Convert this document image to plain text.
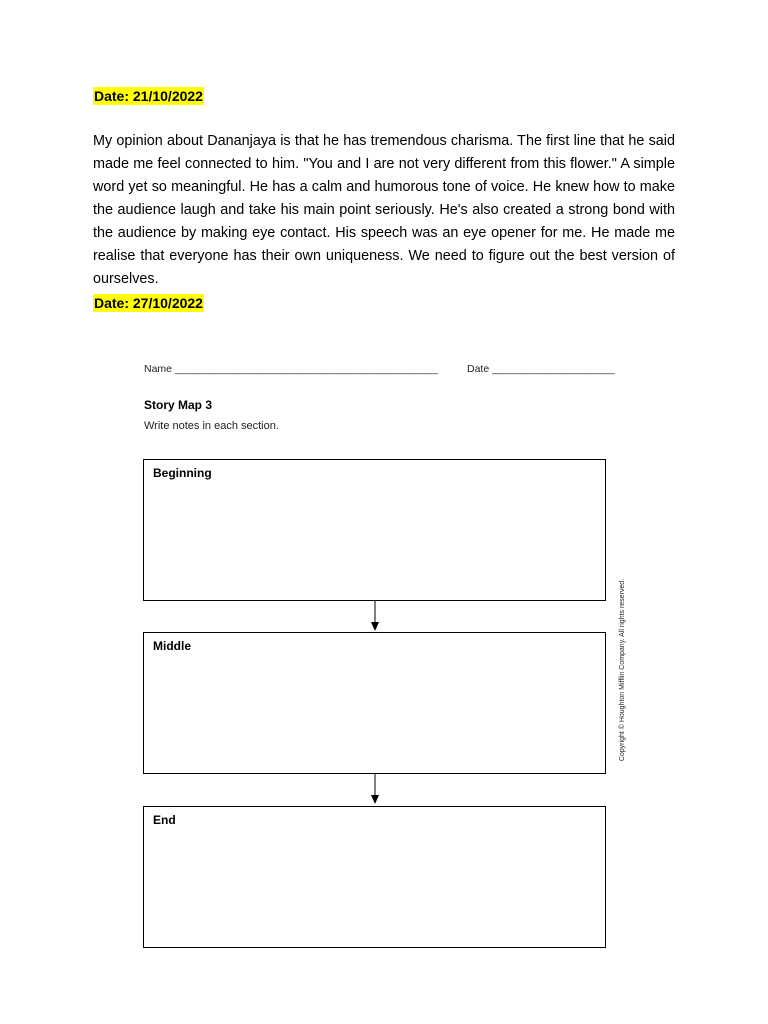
Date: 21/10/2022
My opinion about Dananjaya is that he has tremendous charisma. The first line that he said made me feel connected to him. "You and I are not very different from this flower." A simple word yet so meaningful. He has a calm and humorous tone of voice. He knew how to make the audience laugh and take his main point seriously. He's also created a strong bond with the audience by making eye contact. His speech was an eye opener for me. He made me realise that everyone has their own uniqueness. We need to figure out the best version of ourselves.
Date: 27/10/2022
Name _____________________________________________	Date _____________________
Story Map 3
Write notes in each section.
Beginning
Middle
End
Copyright © Houghton Mifflin Company. All rights reserved.
